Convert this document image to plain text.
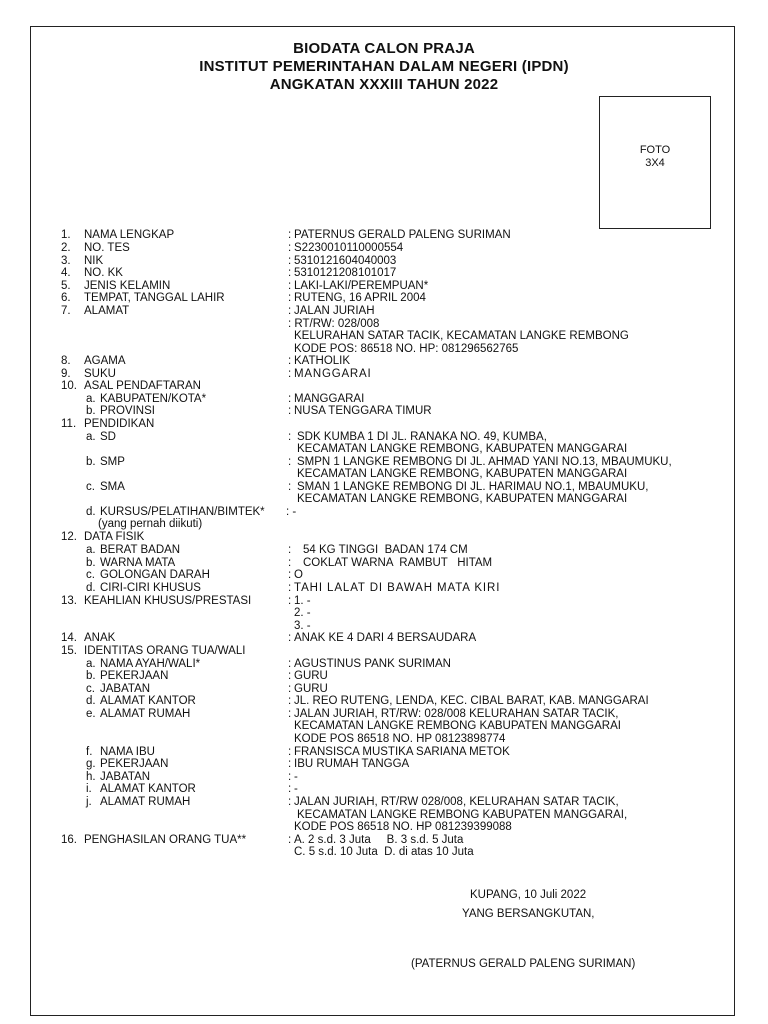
BIODATA CALON PRAJA
INSTITUT PEMERINTAHAN DALAM NEGERI (IPDN)
ANGKATAN XXXIII TAHUN 2022
FOTO
3X4
1. NAMA LENGKAP	: PATERNUS GERALD PALENG SURIMAN
2. NO. TES	: S2230010110000554
3. NIK	: 5310121604040003
4. NO. KK	: 5310121208101017
5. JENIS KELAMIN	: LAKI-LAKI/PEREMPUAN*
6. TEMPAT, TANGGAL LAHIR	: RUTENG, 16 APRIL 2004
7. ALAMAT	: JALAN JURIAH
: RT/RW: 028/008
KELURAHAN SATAR TACIK, KECAMATAN LANGKE REMBONG
KODE POS: 86518 NO. HP: 081296562765
8. AGAMA	: KATHOLIK
9. SUKU	: MANGGARAI
10. ASAL PENDAFTARAN
a. KABUPATEN/KOTA*	: MANGGARAI
b. PROVINSI	: NUSA TENGGARA TIMUR
11. PENDIDIKAN
a. SD	: SDK KUMBA 1 DI JL. RANAKA NO. 49, KUMBA,
KECAMATAN LANGKE REMBONG, KABUPATEN MANGGARAI
b. SMP	: SMPN 1 LANGKE REMBONG DI JL. AHMAD YANI NO.13, MBAUMUKU,
KECAMATAN LANGKE REMBONG, KABUPATEN MANGGARAI
c. SMA	: SMAN 1 LANGKE REMBONG DI JL. HARIMAU NO.1, MBAUMUKU,
KECAMATAN LANGKE REMBONG, KABUPATEN MANGGARAI
d. KURSUS/PELATIHAN/BIMTEK* : -
(yang pernah diikuti)
12. DATA FISIK
a. BERAT BADAN	: 54 KG TINGGI  BADAN 174 CM
b. WARNA MATA	: COKLAT WARNA  RAMBUT   HITAM
c. GOLONGAN DARAH	: O
d. CIRI-CIRI KHUSUS	: TAHI LALAT DI BAWAH MATA KIRI
13. KEAHLIAN KHUSUS/PRESTASI	: 1. -
2. -
3. -
14. ANAK	: ANAK KE 4 DARI 4 BERSAUDARA
15. IDENTITAS ORANG TUA/WALI
a. NAMA AYAH/WALI*	: AGUSTINUS PANK SURIMAN
b. PEKERJAAN	: GURU
c. JABATAN	: GURU
d. ALAMAT KANTOR	: JL. REO RUTENG, LENDA, KEC. CIBAL BARAT, KAB. MANGGARAI
e. ALAMAT RUMAH	: JALAN JURIAH, RT/RW: 028/008 KELURAHAN SATAR TACIK,
KECAMATAN LANGKE REMBONG KABUPATEN MANGGARAI
KODE POS 86518 NO. HP 08123898774
f. NAMA IBU	: FRANSISCA MUSTIKA SARIANA METOK
g. PEKERJAAN	: IBU RUMAH TANGGA
h. JABATAN	: -
i. ALAMAT KANTOR	: -
j. ALAMAT RUMAH	: JALAN JURIAH, RT/RW 028/008, KELURAHAN SATAR TACIK,
KECAMATAN LANGKE REMBONG KABUPATEN MANGGARAI,
KODE POS 86518 NO. HP 081239399088
16. PENGHASILAN ORANG TUA**	: A. 2 s.d. 3 Juta     B. 3 s.d. 5 Juta
C. 5 s.d. 10 Juta  D. di atas 10 Juta
KUPANG, 10 Juli 2022
YANG BERSANGKUTAN,
(PATERNUS GERALD PALENG SURIMAN)
